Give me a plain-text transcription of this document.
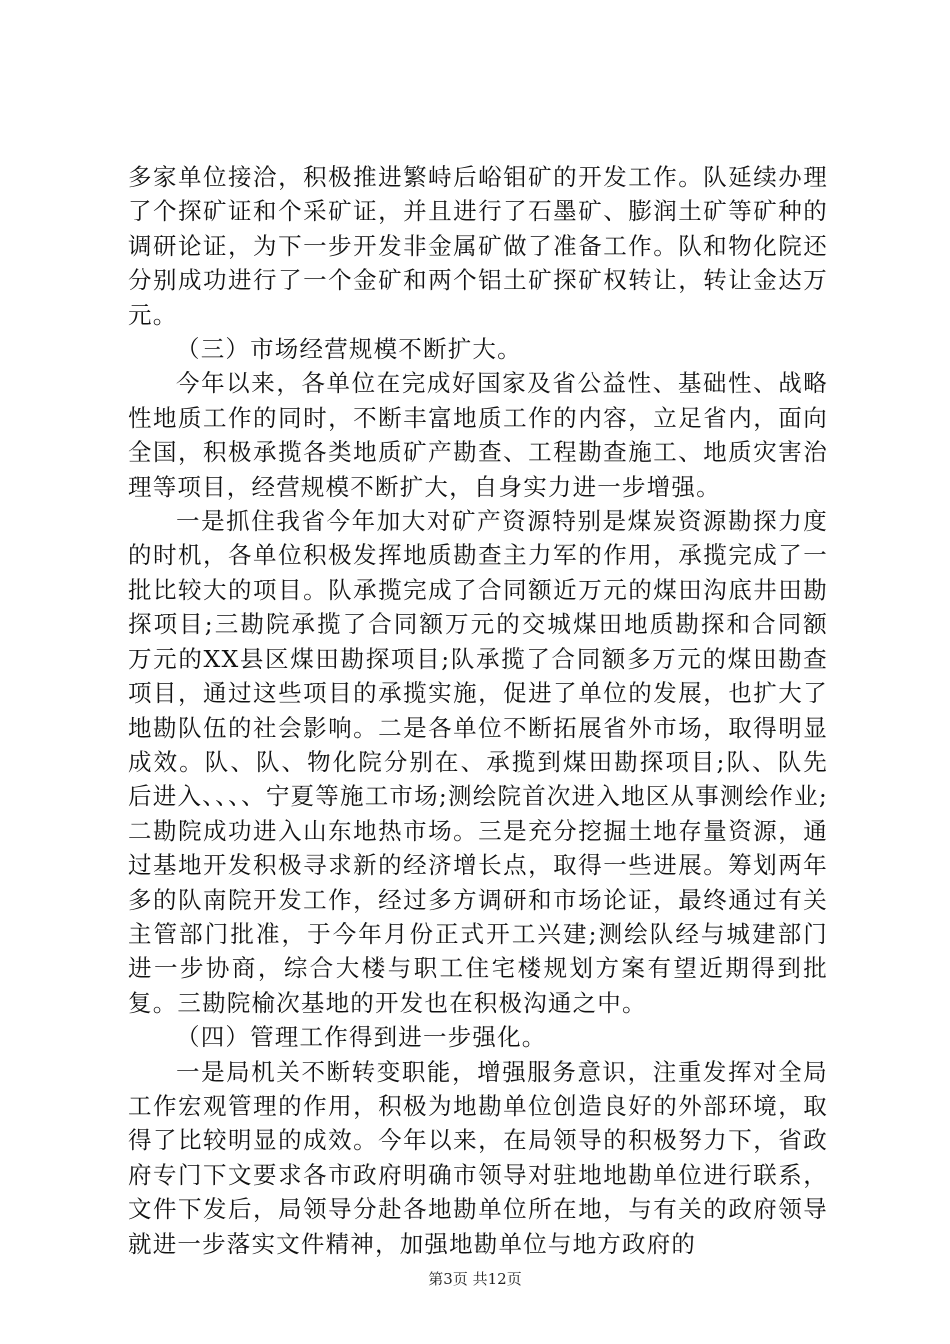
多家单位接洽，积极推进繁峙后峪钼矿的开发工作。队延续办理了个探矿证和个采矿证，并且进行了石墨矿、膨润土矿等矿种的调研论证，为下一步开发非金属矿做了准备工作。队和物化院还分别成功进行了一个金矿和两个铝土矿探矿权转让，转让金达万元。

（三）市场经营规模不断扩大。

今年以来，各单位在完成好国家及省公益性、基础性、战略性地质工作的同时，不断丰富地质工作的内容，立足省内，面向全国，积极承揽各类地质矿产勘查、工程勘查施工、地质灾害治理等项目，经营规模不断扩大，自身实力进一步增强。

一是抓住我省今年加大对矿产资源特别是煤炭资源勘探力度的时机，各单位积极发挥地质勘查主力军的作用，承揽完成了一批比较大的项目。队承揽完成了合同额近万元的煤田沟底井田勘探项目;三勘院承揽了合同额万元的交城煤田地质勘探和合同额万元的XX县区煤田勘探项目;队承揽了合同额多万元的煤田勘查项目，通过这些项目的承揽实施，促进了单位的发展，也扩大了地勘队伍的社会影响。二是各单位不断拓展省外市场，取得明显成效。队、队、物化院分别在、承揽到煤田勘探项目;队、队先后进入、、、、宁夏等施工市场;测绘院首次进入地区从事测绘作业;二勘院成功进入山东地热市场。三是充分挖掘土地存量资源，通过基地开发积极寻求新的经济增长点，取得一些进展。筹划两年多的队南院开发工作，经过多方调研和市场论证，最终通过有关主管部门批准，于今年月份正式开工兴建;测绘队经与城建部门进一步协商，综合大楼与职工住宅楼规划方案有望近期得到批复。三勘院榆次基地的开发也在积极沟通之中。

（四）管理工作得到进一步强化。

一是局机关不断转变职能，增强服务意识，注重发挥对全局工作宏观管理的作用，积极为地勘单位创造良好的外部环境，取得了比较明显的成效。今年以来，在局领导的积极努力下，省政府专门下文要求各市政府明确市领导对驻地地勘单位进行联系，文件下发后，局领导分赴各地勘单位所在地，与有关的政府领导就进一步落实文件精神，加强地勘单位与地方政府的

第3页 共12页
